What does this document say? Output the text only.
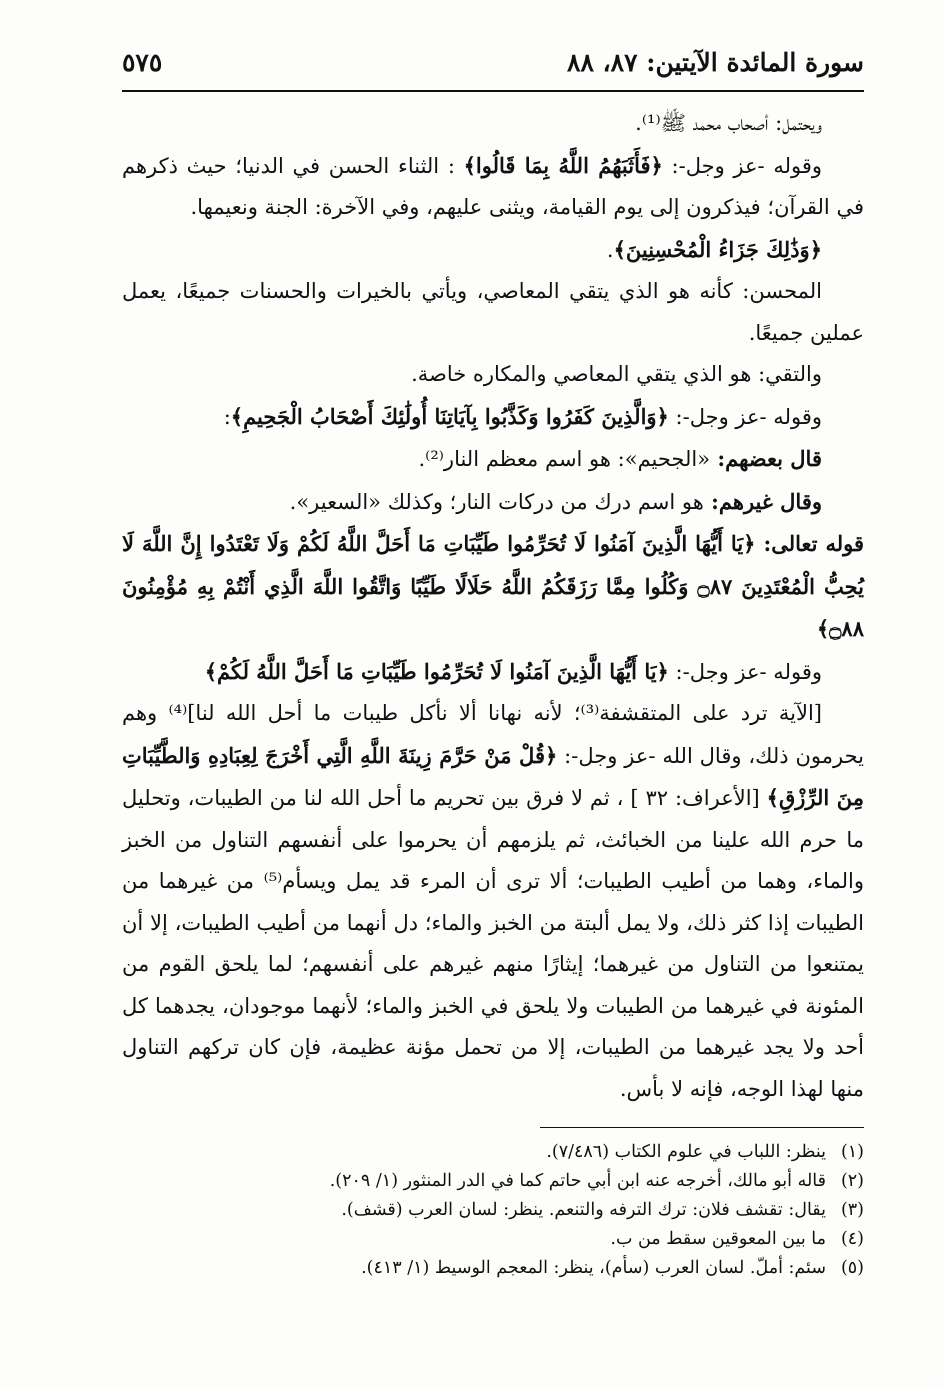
سورة المائدة الآيتين: ٨٧، ٨٨
٥٧٥

ويحتمل: أصحاب محمد ﷺ⁽¹⁾.

وقوله -عز وجل-: ﴿فَأَثَبَهُمُ اللَّهُ بِمَا قَالُوا﴾ : الثناء الحسن في الدنيا؛ حيث ذكرهم في القرآن؛ فيذكرون إلى يوم القيامة، ويثنى عليهم، وفي الآخرة: الجنة ونعيمها.

﴿وَذَٰلِكَ جَزَاءُ الْمُحْسِنِينَ﴾.

المحسن: كأنه هو الذي يتقي المعاصي، ويأتي بالخيرات والحسنات جميعًا، يعمل عملين جميعًا.

والتقي: هو الذي يتقي المعاصي والمكاره خاصة.

وقوله -عز وجل-: ﴿وَالَّذِينَ كَفَرُوا وَكَذَّبُوا بِآيَاتِنَا أُولَٰئِكَ أَصْحَابُ الْجَحِيمِ﴾:

قال بعضهم: «الجحيم»: هو اسم معظم النار⁽²⁾.

وقال غيرهم: هو اسم درك من دركات النار؛ وكذلك «السعير».

قوله تعالى: ﴿يَا أَيُّهَا الَّذِينَ آمَنُوا لَا تُحَرِّمُوا طَيِّبَاتِ مَا أَحَلَّ اللَّهُ لَكُمْ وَلَا تَعْتَدُوا إِنَّ اللَّهَ لَا يُحِبُّ الْمُعْتَدِينَ ۝٨٧ وَكُلُوا مِمَّا رَزَقَكُمُ اللَّهُ حَلَالًا طَيِّبًا وَاتَّقُوا اللَّهَ الَّذِي أَنْتُمْ بِهِ مُؤْمِنُونَ ۝٨٨﴾

وقوله -عز وجل-: ﴿يَا أَيُّهَا الَّذِينَ آمَنُوا لَا تُحَرِّمُوا طَيِّبَاتِ مَا أَحَلَّ اللَّهُ لَكُمْ﴾

[الآية ترد على المتقشفة⁽³⁾؛ لأنه نهانا ألا نأكل طيبات ما أحل الله لنا]⁽⁴⁾ وهم يحرمون ذلك، وقال الله -عز وجل-: ﴿قُلْ مَنْ حَرَّمَ زِينَةَ اللَّهِ الَّتِي أَخْرَجَ لِعِبَادِهِ وَالطَّيِّبَاتِ مِنَ الرِّزْقِ﴾ [الأعراف: ٣٢ ] ، ثم لا فرق بين تحريم ما أحل الله لنا من الطيبات، وتحليل ما حرم الله علينا من الخبائث، ثم يلزمهم أن يحرموا على أنفسهم التناول من الخبز والماء، وهما من أطيب الطيبات؛ ألا ترى أن المرء قد يمل ويسأم⁽⁵⁾ من غيرهما من الطيبات إذا كثر ذلك، ولا يمل ألبتة من الخبز والماء؛ دل أنهما من أطيب الطيبات، إلا أن يمتنعوا من التناول من غيرهما؛ إيثارًا منهم غيرهم على أنفسهم؛ لما يلحق القوم من المئونة في غيرهما من الطيبات ولا يلحق في الخبز والماء؛ لأنهما موجودان، يجدهما كل أحد ولا يجد غيرهما من الطيبات، إلا من تحمل مؤنة عظيمة، فإن كان تركهم التناول منها لهذا الوجه، فإنه لا بأس.

(١)ينظر: اللباب في علوم الكتاب (٧/٤٨٦).

(٢)قاله أبو مالك، أخرجه عنه ابن أبي حاتم كما في الدر المنثور (١/ ٢٠٩).

(٣)يقال: تقشف فلان: ترك الترفه والتنعم. ينظر: لسان العرب (قشف).

(٤)ما بين المعوقين سقط من ب.

(٥)سئم: أملّ. لسان العرب (سأم)، ينظر: المعجم الوسيط (١/ ٤١٣).
